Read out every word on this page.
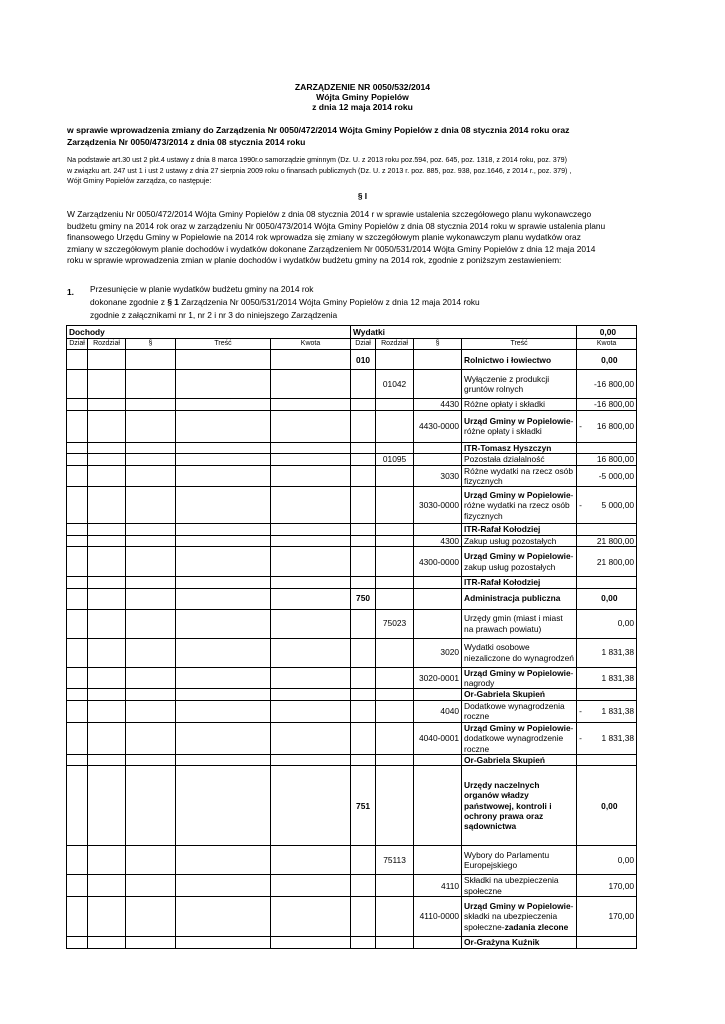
ZARZĄDZENIE NR 0050/532/2014
Wójta Gminy Popielów
z dnia 12 maja 2014 roku
w sprawie wprowadzenia zmiany do Zarządzenia Nr 0050/472/2014 Wójta Gminy Popielów z dnia 08 stycznia 2014 roku oraz
Zarządzenia Nr 0050/473/2014 z dnia 08 stycznia 2014 roku
Na podstawie art.30 ust 2 pkt.4 ustawy z dnia 8 marca 1990r.o samorządzie gminnym (Dz. U. z 2013 roku poz.594, poz. 645, poz. 1318, z 2014 roku, poz. 379)
w związku art. 247 ust 1 i ust 2 ustawy z dnia 27 sierpnia 2009 roku o finansach publicznych (Dz. U. z 2013 r. poz. 885, poz. 938, poz.1646, z 2014 r., poz. 379) ,
Wójt Gminy Popielów zarządza, co następuje:
§ I
W Zarządzeniu Nr 0050/472/2014 Wójta Gminy Popielów z dnia 08 stycznia 2014 r w sprawie ustalenia szczegółowego planu wykonawczego
budżetu gminy na 2014 rok oraz w zarządzeniu Nr 0050/473/2014 Wójta Gminy Popielów z dnia 08 stycznia 2014 roku w sprawie ustalenia planu
finansowego Urzędu Gminy w Popielowie na 2014 rok wprowadza się zmiany w szczegółowym planie wykonawczym planu wydatków oraz
zmiany w szczegółowym planie dochodów i wydatków dokonane Zarządzeniem Nr 0050/531/2014 Wójta Gminy Popielów z dnia 12 maja 2014
roku w sprawie wprowadzenia zmian w planie dochodów i wydatków budżetu gminy na 2014 rok, zgodnie z poniższym zestawieniem:
1. Przesunięcie w planie wydatków budżetu gminy na 2014 rok
dokonane zgodnie z § 1 Zarządzenia Nr 0050/531/2014 Wójta Gminy Popielów z dnia 12 maja 2014 roku
zgodnie z załącznikami nr 1, nr 2 i nr 3 do niniejszego Zarządzenia
Dochody					Wydatki				0,00	
Dział	Rozdział	§	Treść	Kwota	Dział	Rozdział	§	Treść	Kwota	
					010			Rolnictwo i łowiectwo		0,00
						01042		Wyłączenie z produkcji gruntów rolnych		-16 800,00
							4430	Różne opłaty i składki		-16 800,00
							4430-0000	Urząd Gminy w Popielowie-różne opłaty i składki	-	16 800,00
								ITR-Tomasz Hyszczyn		
						01095		Pozostała działalność		16 800,00
							3030	Różne wydatki na rzecz osób fizycznych		-5 000,00
							3030-0000	Urząd Gminy w Popielowie-różne wydatki na rzecz osób fizycznych	-	5 000,00
								ITR-Rafał Kołodziej		
							4300	Zakup usług pozostałych		21 800,00
							4300-0000	Urząd Gminy w Popielowie-zakup usług pozostałych		21 800,00
								ITR-Rafał Kołodziej		
					750			Administracja publiczna		0,00
						75023		Urzędy gmin (miast i miast na prawach powiatu)		0,00
							3020	Wydatki osobowe niezaliczone do wynagrodzeń		1 831,38
							3020-0001	Urząd Gminy w Popielowie-nagrody		1 831,38
								Or-Gabriela Skupień		
							4040	Dodatkowe wynagrodzenia roczne	-	1 831,38
							4040-0001	Urząd Gminy w Popielowie-dodatkowe wynagrodzenie roczne	-	1 831,38
								Or-Gabriela Skupień		
					751			Urzędy naczelnych organów władzy państwowej, kontroli i ochrony prawa oraz sądownictwa		0,00
						75113		Wybory do Parlamentu Europejskiego		0,00
							4110	Składki na ubezpieczenia społeczne		170,00
							4110-0000	Urząd Gminy w Popielowie-składki na ubezpieczenia społeczne-zadania zlecone		170,00
								Or-Grażyna Kuźnik		
